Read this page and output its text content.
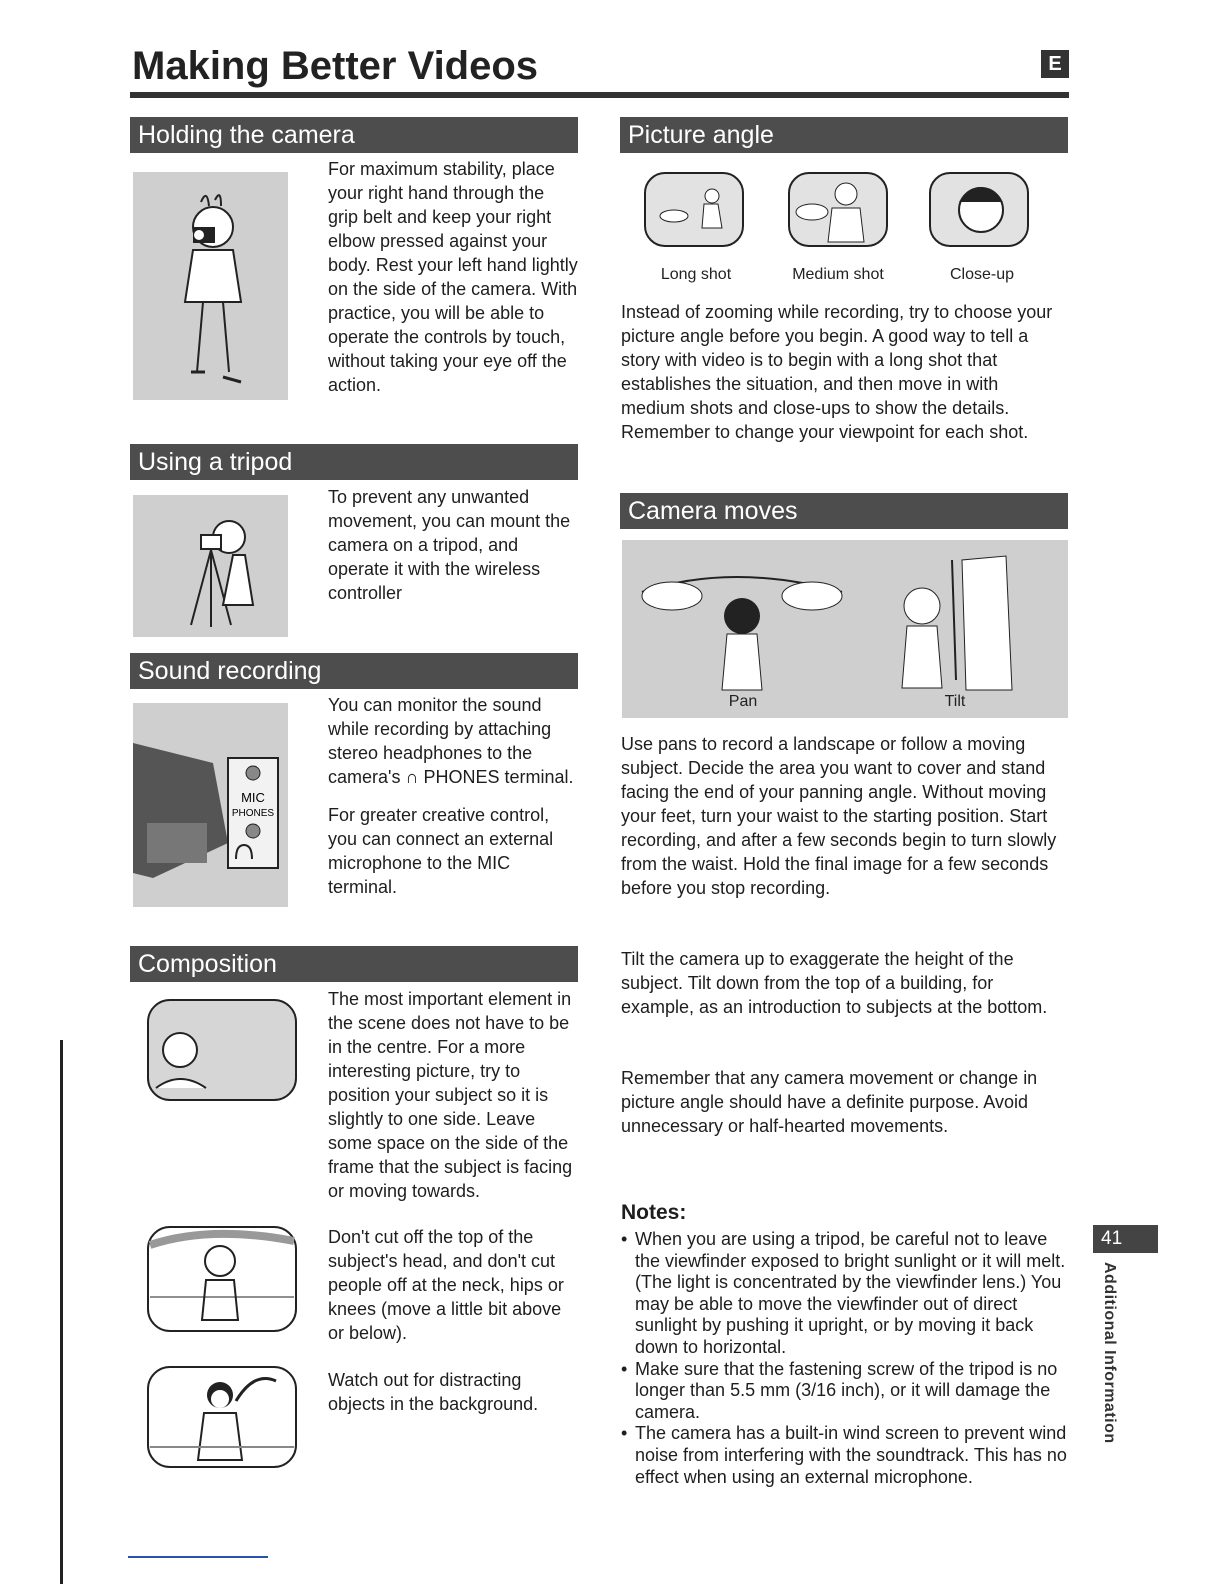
Making Better Videos	E
Holding the camera
For maximum stability, place your right hand through the grip belt and keep your right elbow pressed against your body. Rest your left hand lightly on the side of the camera. With practice, you will be able to operate the controls by touch, without taking your eye off the action.
Using a tripod
To prevent any unwanted movement, you can mount the camera on a tripod, and operate it with the wireless controller
Sound recording
MIC
PHONES

You can monitor the sound while recording by attaching stereo headphones to the camera's ∩ PHONES terminal.

For greater creative control, you can connect an external microphone to the MIC terminal.

Composition
The most important element in the scene does not have to be in the centre. For a more interesting picture, try to position your subject so it is slightly to one side. Leave some space on the side of the frame that the subject is facing or moving towards.
Don't cut off the top of the subject's head, and don't cut people off at the neck, hips or knees (move a little bit above or below).
Watch out for distracting objects in the background.
Picture angle
Long shot	Medium shot	Close-up
Instead of zooming while recording, try to choose your picture angle before you begin. A good way to tell a story with video is to begin with a long shot that establishes the situation, and then move in with medium shots and close-ups to show the details. Remember to change your viewpoint for each shot.
Camera moves
Pan	Tilt
Use pans to record a landscape or follow a moving subject. Decide the area you want to cover and stand facing the end of your panning angle. Without moving your feet, turn your waist to the starting position. Start recording, and after a few seconds begin to turn slowly from the waist. Hold the final image for a few seconds before you stop recording.
Tilt the camera up to exaggerate the height of the subject. Tilt down from the top of a building, for example, as an introduction to subjects at the bottom.
Remember that any camera movement or change in picture angle should have a definite purpose. Avoid unnecessary or half-hearted movements.
Notes:
• When you are using a tripod, be careful not to leave the viewfinder exposed to bright sunlight or it will melt. (The light is concentrated by the viewfinder lens.) You may be able to move the viewfinder out of direct sunlight by pushing it upright, or by moving it back down to horizontal.
• Make sure that the fastening screw of the tripod is no longer than 5.5 mm (3/16 inch), or it will damage the camera.
• The camera has a built-in wind screen to prevent wind noise from interfering with the soundtrack. This has no effect when using an external microphone.
41
Additional Information
